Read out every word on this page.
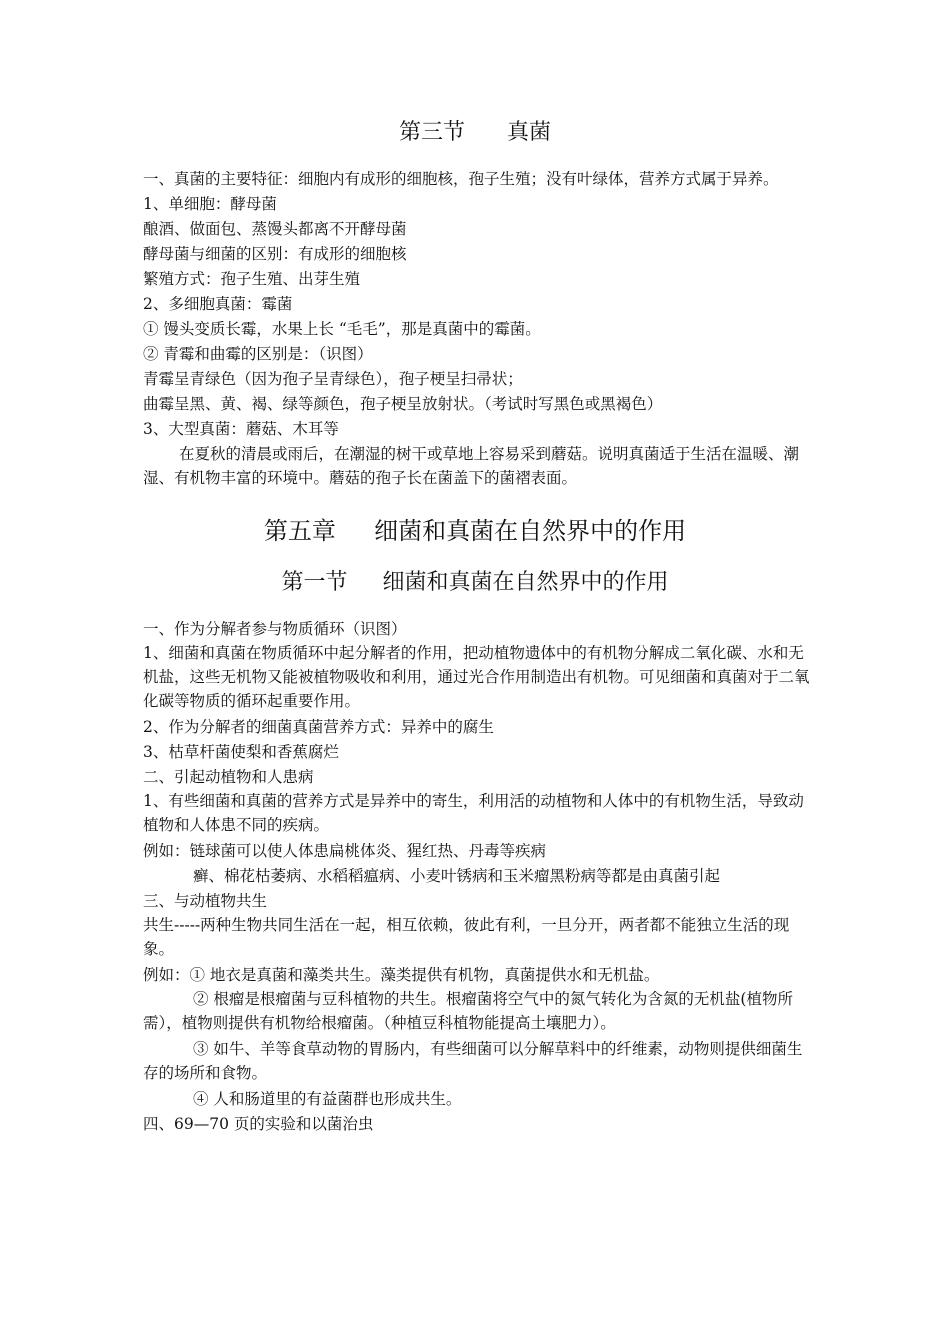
第三节      真菌
一、真菌的主要特征：细胞内有成形的细胞核，孢子生殖；没有叶绿体，营养方式属于异养。
1、单细胞：酵母菌
酿酒、做面包、蒸馒头都离不开酵母菌
酵母菌与细菌的区别：有成形的细胞核
繁殖方式：孢子生殖、出芽生殖
2、多细胞真菌：霉菌
① 馒头变质长霉，水果上长 “毛毛”，那是真菌中的霉菌。
② 青霉和曲霉的区别是：（识图）
青霉呈青绿色（因为孢子呈青绿色），孢子梗呈扫帚状；
曲霉呈黑、黄、褐、绿等颜色，孢子梗呈放射状。（考试时写黑色或黑褐色）
3、大型真菌：蘑菇、木耳等
在夏秋的清晨或雨后，在潮湿的树干或草地上容易采到蘑菇。说明真菌适于生活在温暖、潮湿、有机物丰富的环境中。蘑菇的孢子长在菌盖下的菌褶表面。
第五章     细菌和真菌在自然界中的作用
第一节     细菌和真菌在自然界中的作用
一、作为分解者参与物质循环（识图）
1、细菌和真菌在物质循环中起分解者的作用，把动植物遗体中的有机物分解成二氧化碳、水和无机盐，这些无机物又能被植物吸收和利用，通过光合作用制造出有机物。可见细菌和真菌对于二氧化碳等物质的循环起重要作用。
2、作为分解者的细菌真菌营养方式：异养中的腐生
3、枯草杆菌使梨和香蕉腐烂
二、引起动植物和人患病
1、有些细菌和真菌的营养方式是异养中的寄生，利用活的动植物和人体中的有机物生活，导致动植物和人体患不同的疾病。
例如：链球菌可以使人体患扁桃体炎、猩红热、丹毒等疾病
癣、棉花枯萎病、水稻稻瘟病、小麦叶锈病和玉米瘤黑粉病等都是由真菌引起
三、与动植物共生
共生-----两种生物共同生活在一起，相互依赖，彼此有利，一旦分开，两者都不能独立生活的现象。
例如：① 地衣是真菌和藻类共生。藻类提供有机物，真菌提供水和无机盐。
② 根瘤是根瘤菌与豆科植物的共生。根瘤菌将空气中的氮气转化为含氮的无机盐(植物所需），植物则提供有机物给根瘤菌。（种植豆科植物能提高土壤肥力）。
③ 如牛、羊等食草动物的胃肠内，有些细菌可以分解草料中的纤维素，动物则提供细菌生存的场所和食物。
④ 人和肠道里的有益菌群也形成共生。
四、69—70 页的实验和以菌治虫
